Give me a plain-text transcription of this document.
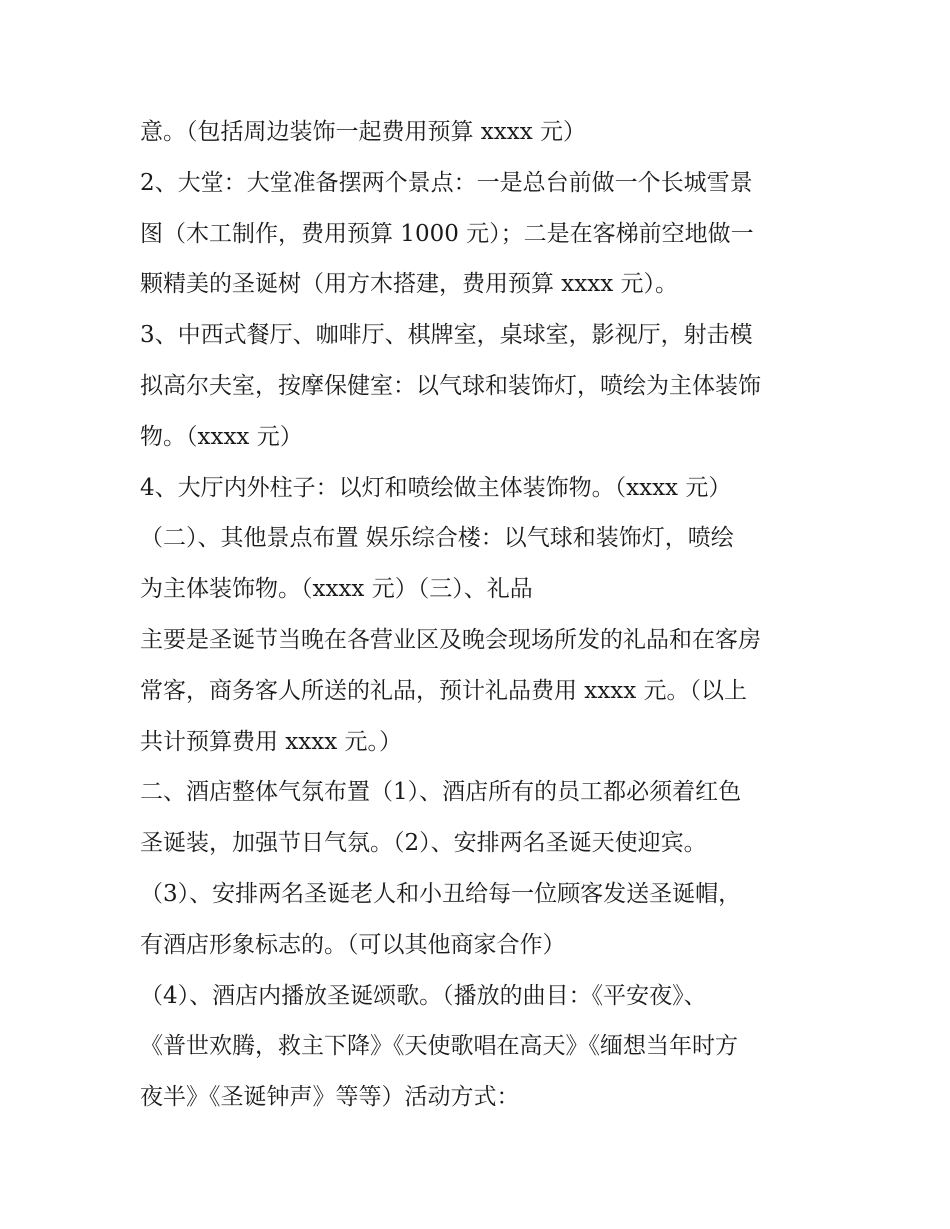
意。（包括周边装饰一起费用预算 xxxx 元）
2、大堂：大堂准备摆两个景点：一是总台前做一个长城雪景
图（木工制作，费用预算 1000 元）；二是在客梯前空地做一
颗精美的圣诞树（用方木搭建，费用预算 xxxx 元）。
3、中西式餐厅、咖啡厅、棋牌室，桌球室，影视厅，射击模
拟高尔夫室，按摩保健室：以气球和装饰灯，喷绘为主体装饰
物。（xxxx 元）
4、大厅内外柱子：以灯和喷绘做主体装饰物。（xxxx 元）
（二）、其他景点布置 娱乐综合楼：以气球和装饰灯，喷绘
为主体装饰物。（xxxx 元）（三）、礼品
主要是圣诞节当晚在各营业区及晚会现场所发的礼品和在客房
常客，商务客人所送的礼品，预计礼品费用 xxxx 元。（以上
共计预算费用 xxxx 元。）
二、酒店整体气氛布置（1）、酒店所有的员工都必须着红色
圣诞装，加强节日气氛。（2）、安排两名圣诞天使迎宾。
（3）、安排两名圣诞老人和小丑给每一位顾客发送圣诞帽，
有酒店形象标志的。（可以其他商家合作）
（4）、酒店内播放圣诞颂歌。（播放的曲目：《平安夜》、
《普世欢腾，救主下降》《天使歌唱在高天》《缅想当年时方
夜半》《圣诞钟声》等等）活动方式：
